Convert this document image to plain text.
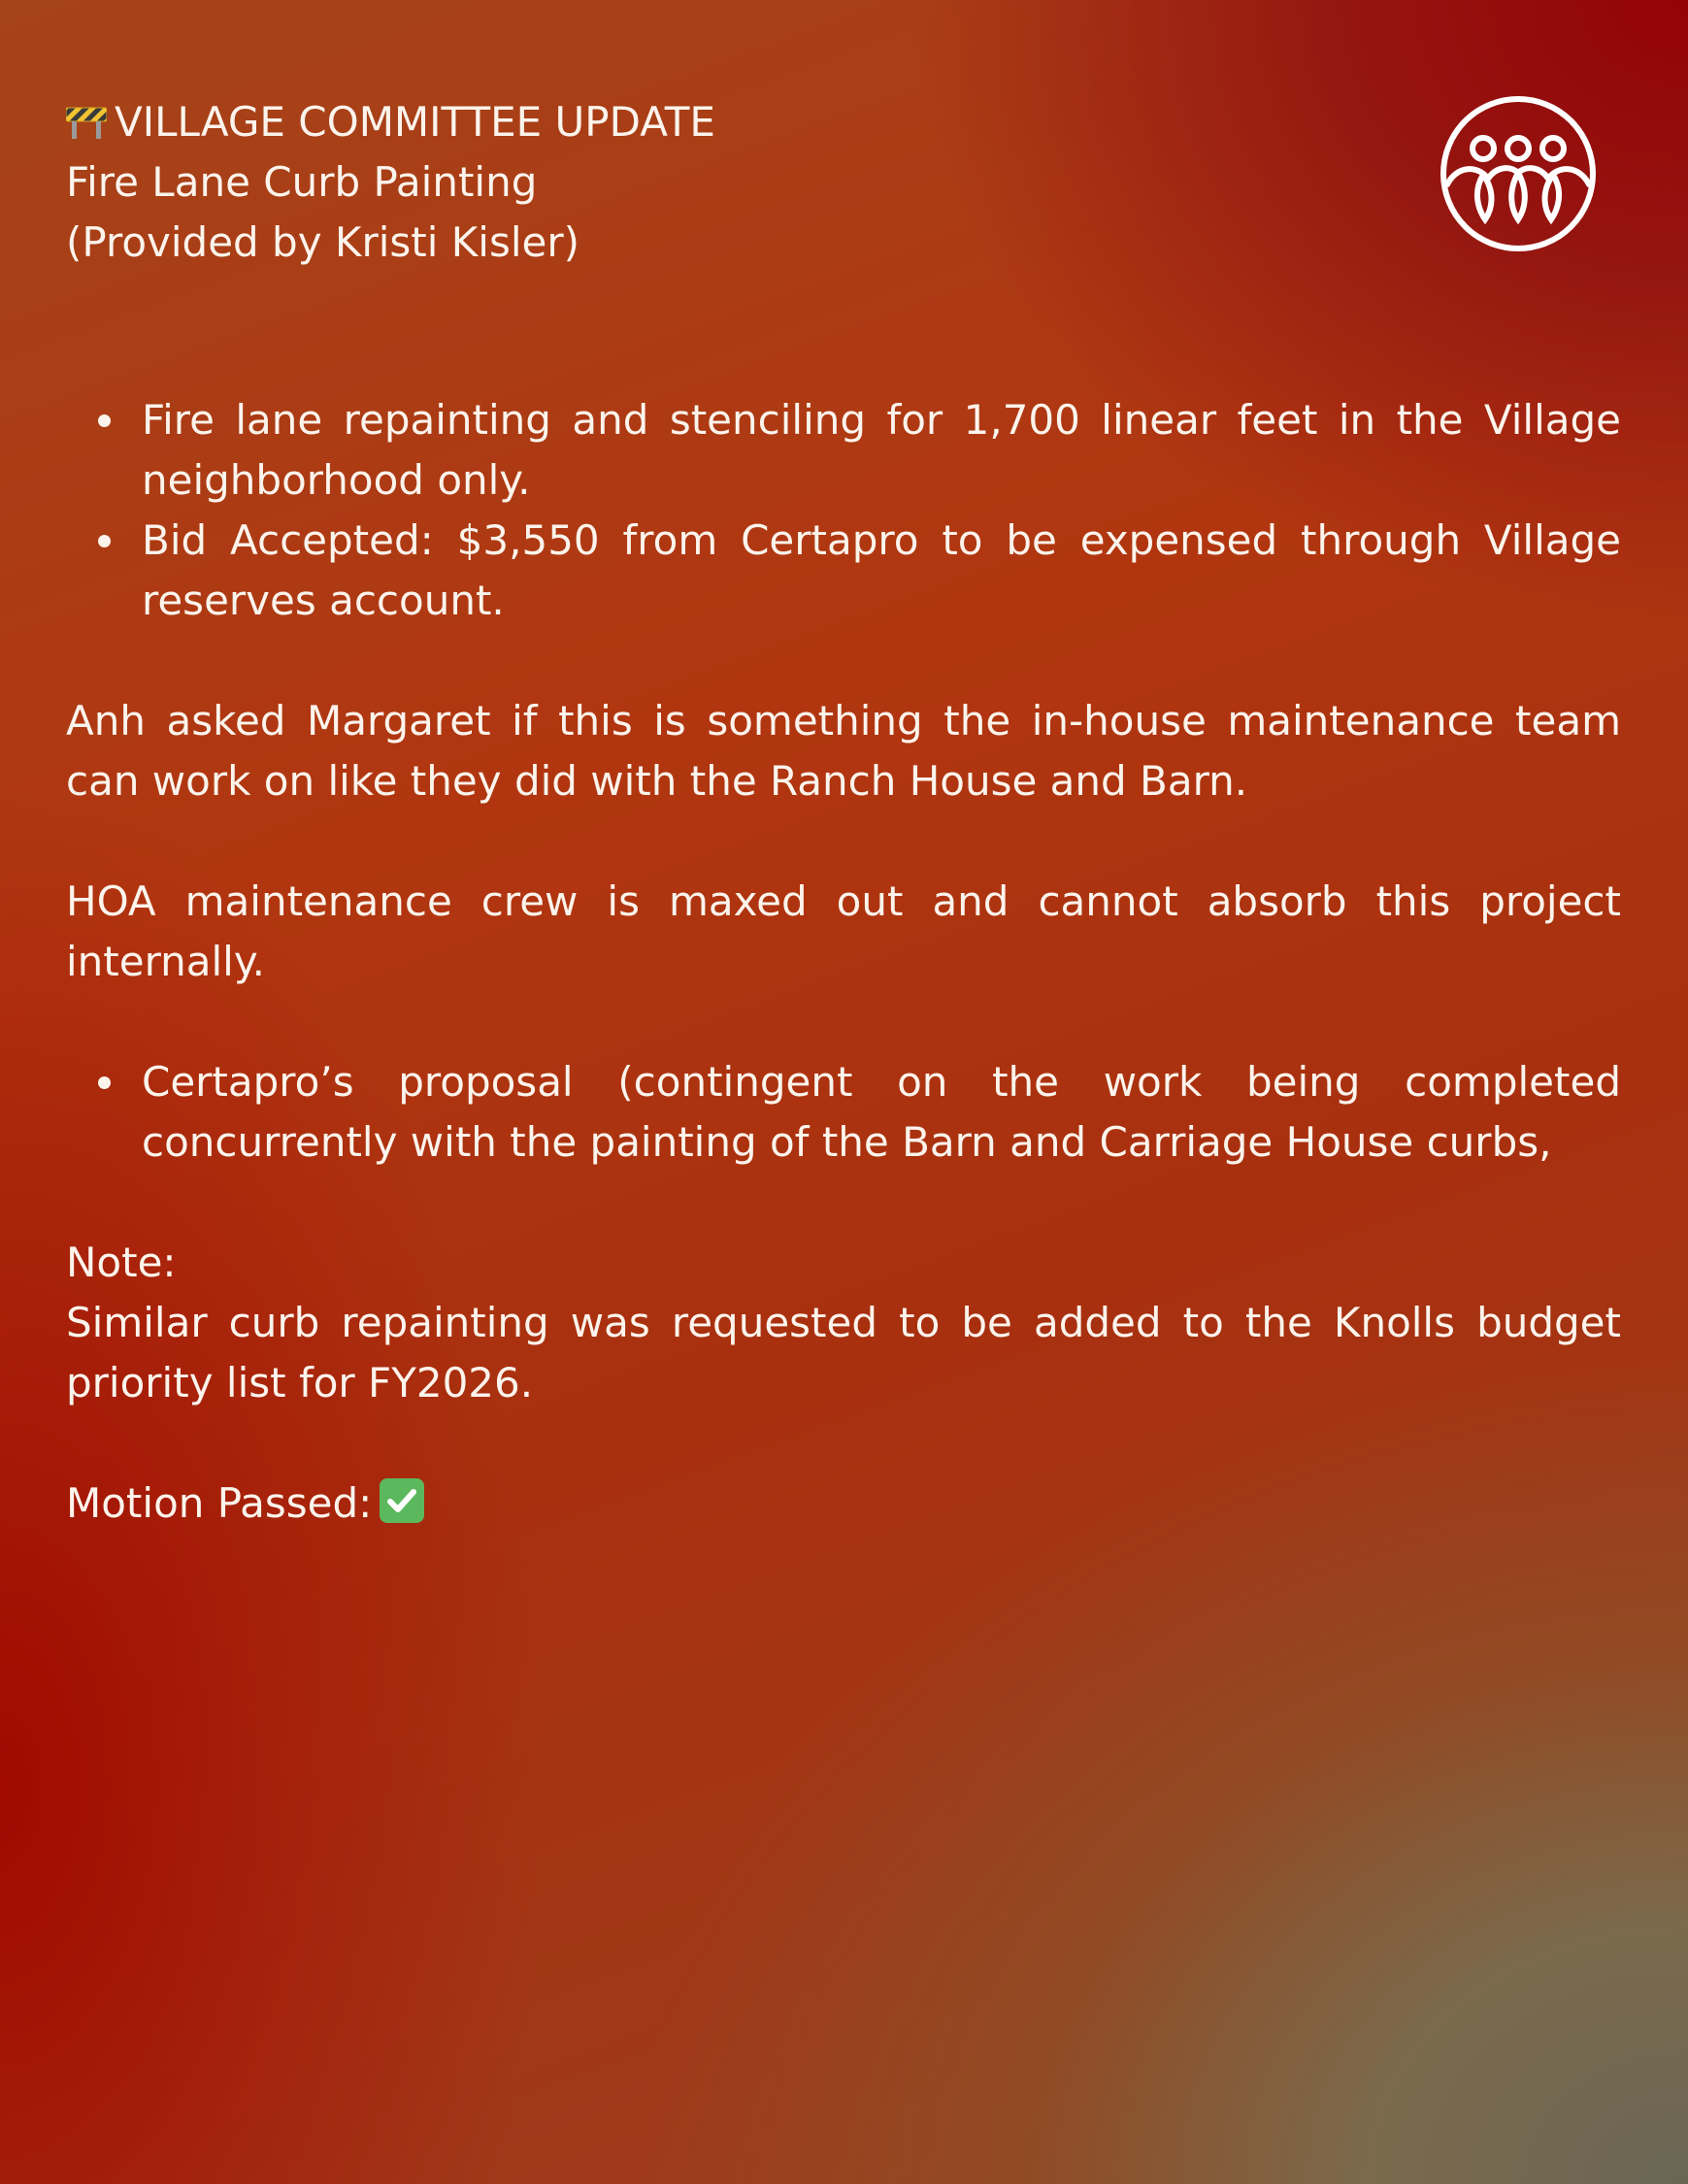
VILLAGE COMMITTEE UPDATE
Fire Lane Curb Painting
(Provided by Kristi Kisler)
Fire lane repainting and stenciling for 1,700 linear feet in the Village neighborhood only.
Bid Accepted: $3,550 from Certapro to be expensed through Village reserves account.

Anh asked Margaret if this is something the in-house maintenance team can work on like they did with the Ranch House and Barn.

HOA maintenance crew is maxed out and cannot absorb this project internally.

Certapro’s proposal (contingent on the work being completed concurrently with the painting of the Barn and Carriage House curbs,

Note:

Similar curb repainting was requested to be added to the Knolls budget priority list for FY2026.

Motion Passed:
